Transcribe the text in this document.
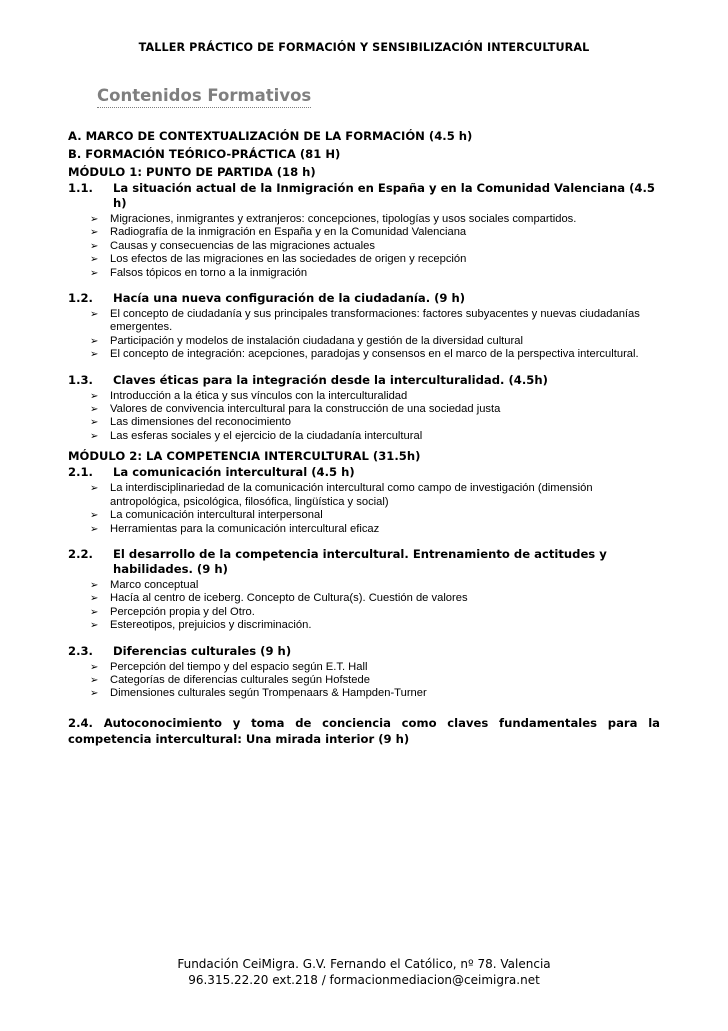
TALLER PRÁCTICO DE FORMACIÓN Y SENSIBILIZACIÓN INTERCULTURAL
Contenidos Formativos

A. MARCO DE CONTEXTUALIZACIÓN DE LA FORMACIÓN (4.5 h)

B. FORMACIÓN TEÓRICO-PRÁCTICA (81 H)

MÓDULO 1: PUNTO DE PARTIDA (18 h)

1.1.	La situación actual de la Inmigración en España y en la Comunidad Valenciana (4.5 h)
➢	Migraciones, inmigrantes y extranjeros: concepciones, tipologías y usos sociales compartidos.
➢	Radiografía de la inmigración en España y en la Comunidad Valenciana
➢	Causas y consecuencias de las migraciones actuales
➢	Los efectos de las migraciones en las sociedades de origen y recepción
➢	Falsos tópicos en torno a la inmigración
1.2.	Hacía una nueva configuración de la ciudadanía. (9 h)
➢	El concepto de ciudadanía y sus principales transformaciones: factores subyacentes y nuevas ciudadanías emergentes.
➢	Participación y modelos de instalación ciudadana y gestión de la diversidad cultural
➢	El concepto de integración: acepciones, paradojas y consensos en el marco de la perspectiva intercultural.
1.3.	Claves éticas para la integración desde la interculturalidad. (4.5h)
➢	Introducción a la ética y sus vínculos con la interculturalidad
➢	Valores de convivencia intercultural para la construcción de una sociedad justa
➢	Las dimensiones del reconocimiento
➢	Las esferas sociales y el ejercicio de la ciudadanía intercultural

MÓDULO 2: LA COMPETENCIA INTERCULTURAL (31.5h)

2.1.	La comunicación intercultural (4.5 h)
➢	La interdisciplinariedad de la comunicación intercultural como campo de investigación (dimensión antropológica, psicológica, filosófica, lingüística y social)
➢	La comunicación intercultural interpersonal
➢	Herramientas para la comunicación intercultural eficaz
2.2.	El desarrollo de la competencia intercultural. Entrenamiento de actitudes y habilidades. (9 h)
➢	Marco conceptual
➢	Hacía al centro de iceberg. Concepto de Cultura(s). Cuestión de valores
➢	Percepción propia y del Otro.
➢	Estereotipos, prejuicios y discriminación.
2.3.	Diferencias culturales (9 h)
➢	Percepción del tiempo y del espacio según E.T. Hall
➢	Categorías de diferencias culturales según Hofstede
➢	Dimensiones culturales según Trompenaars & Hampden-Turner

2.4. Autoconocimiento y toma de conciencia como claves fundamentales para la competencia intercultural: Una mirada interior (9 h)

Fundación CeiMigra. G.V. Fernando el Católico, nº 78. Valencia
96.315.22.20 ext.218 / formacionmediacion@ceimigra.net
